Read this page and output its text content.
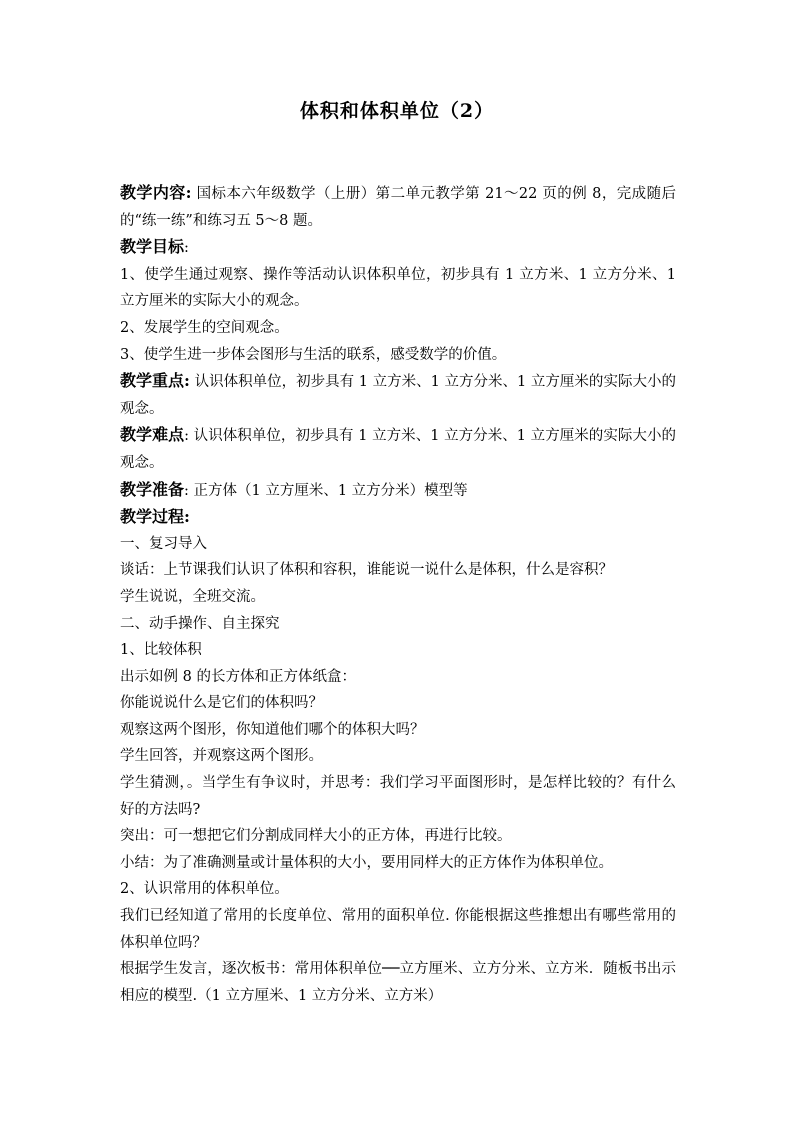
体积和体积单位（2）

教学内容: 国标本六年级数学（上册）第二单元教学第 21～22 页的例 8，完成随后的“练一练”和练习五 5～8 题。

教学目标:

1、使学生通过观察、操作等活动认识体积单位，初步具有 1 立方米、1 立方分米、1 立方厘米的实际大小的观念。

2、发展学生的空间观念。

3、使学生进一步体会图形与生活的联系，感受数学的价值。

教学重点: 认识体积单位，初步具有 1 立方米、1 立方分米、1 立方厘米的实际大小的观念。

教学难点: 认识体积单位，初步具有 1 立方米、1 立方分米、1 立方厘米的实际大小的观念。

教学准备: 正方体（1 立方厘米、1 立方分米）模型等

教学过程:

一、复习导入

谈话：上节课我们认识了体积和容积，谁能说一说什么是体积，什么是容积？

学生说说，全班交流。

二、动手操作、自主探究

1、比较体积

出示如例 8 的长方体和正方体纸盒：

你能说说什么是它们的体积吗？

观察这两个图形，你知道他们哪个的体积大吗？

学生回答，并观察这两个图形。

学生猜测，。当学生有争议时，并思考：我们学习平面图形时，是怎样比较的？有什么好的方法吗?

突出：可一想把它们分割成同样大小的正方体，再进行比较。

小结：为了准确测量或计量体积的大小，要用同样大的正方体作为体积单位。

2、认识常用的体积单位。

我们已经知道了常用的长度单位、常用的面积单位. 你能根据这些推想出有哪些常用的体积单位吗？

根据学生发言，逐次板书：常用体积单位──立方厘米、立方分米、立方米．随板书出示相应的模型.（1 立方厘米、1 立方分米、立方米）
